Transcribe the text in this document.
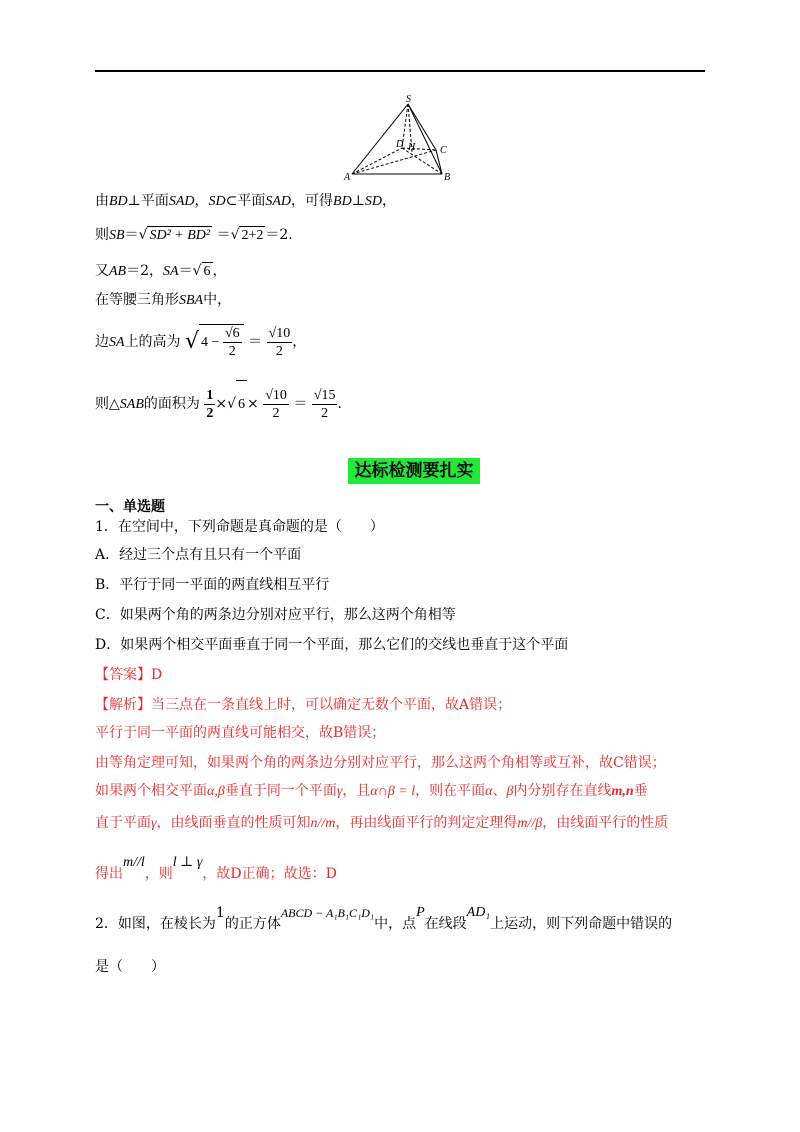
S
D H C
A	B
由BD⊥平面SAD，SD⊂平面SAD，可得BD⊥SD，
则SB＝√ SD² + BD² ＝√ 2+2 ＝2.
又AB＝2，SA＝√ 6 ，
在等腰三角形SBA中，
边SA上的高为 √ $4 - \frac{√6}{2} = \frac{√10}{2}$ ，
则△SAB的面积为 $\frac{1}{2}$ ×√ $6 \times \frac{√10}{2} = \frac{√15}{2}$ .
达标检测要扎实
一、单选题
1．在空间中，下列命题是真命题的是（　　）
A．经过三个点有且只有一个平面
B．平行于同一平面的两直线相互平行
C．如果两个角的两条边分别对应平行，那么这两个角相等
D．如果两个相交平面垂直于同一个平面，那么它们的交线也垂直于这个平面
【答案】D
【解析】当三点在一条直线上时，可以确定无数个平面，故A错误；
平行于同一平面的两直线可能相交，故B错误；
由等角定理可知，如果两个角的两条边分别对应平行，那么这两个角相等或互补，故C错误；
如果两个相交平面α,β垂直于同一个平面γ，且α∩β = l，则在平面α、β内分别存在直线m,n垂
直于平面γ，由线面垂直的性质可知n//m，再由线面平行的判定定理得m//β，由线面平行的性质
得出m//l，则l ⊥ γ，故D正确；故选：D
2．如图，在棱长为1的正方体ABCD − A₁B₁C₁D₁中，点P在线段AD₁上运动，则下列命题中错误的
是（　　）
